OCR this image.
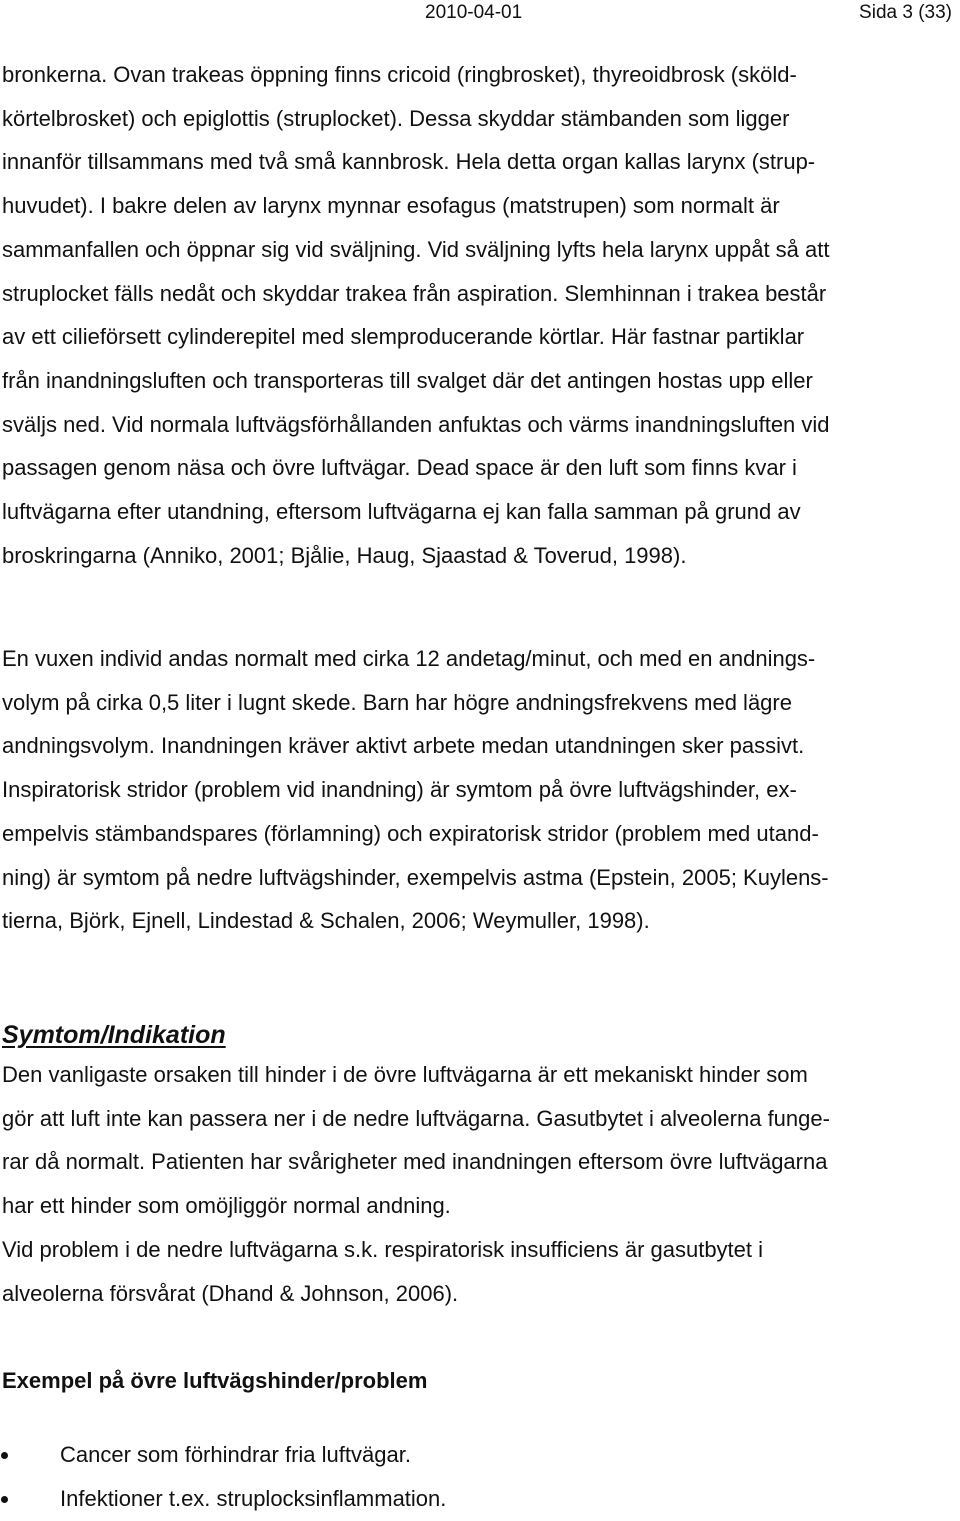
2010-04-01	Sida 3 (33)
bronkerna. Ovan trakeas öppning finns cricoid (ringbrosket), thyreoidbrosk (sköld-
körtelbrosket) och epiglottis (struplocket). Dessa skyddar stämbanden som ligger
innanför tillsammans med två små kannbrosk. Hela detta organ kallas larynx (strup-
huvudet). I bakre delen av larynx mynnar esofagus (matstrupen) som normalt är
sammanfallen och öppnar sig vid sväljning. Vid sväljning lyfts hela larynx uppåt så att
struplocket fälls nedåt och skyddar trakea från aspiration. Slemhinnan i trakea består
av ett cilieförsett cylinderepitel med slemproducerande körtlar. Här fastnar partiklar
från inandningsluften och transporteras till svalget där det antingen hostas upp eller
sväljs ned. Vid normala luftvägsförhållanden anfuktas och värms inandningsluften vid
passagen genom näsa och övre luftvägar. Dead space är den luft som finns kvar i
luftvägarna efter utandning, eftersom luftvägarna ej kan falla samman på grund av
broskringarna (Anniko, 2001; Bjålie, Haug, Sjaastad & Toverud, 1998).
En vuxen individ andas normalt med cirka 12 andetag/minut, och med en andnings-
volym på cirka 0,5 liter i lugnt skede. Barn har högre andningsfrekvens med lägre
andningsvolym. Inandningen kräver aktivt arbete medan utandningen sker passivt.
Inspiratorisk stridor (problem vid inandning) är symtom på övre luftvägshinder, ex-
empelvis stämbandspares (förlamning) och expiratorisk stridor (problem med utand-
ning) är symtom på nedre luftvägshinder, exempelvis astma (Epstein, 2005; Kuylens-
tierna, Björk, Ejnell, Lindestad & Schalen, 2006; Weymuller, 1998).
Symtom/Indikation
Den vanligaste orsaken till hinder i de övre luftvägarna är ett mekaniskt hinder som
gör att luft inte kan passera ner i de nedre luftvägarna. Gasutbytet i alveolerna funge-
rar då normalt. Patienten har svårigheter med inandningen eftersom övre luftvägarna
har ett hinder som omöjliggör normal andning.
Vid problem i de nedre luftvägarna s.k. respiratorisk insufficiens är gasutbytet i
alveolerna försvårat (Dhand & Johnson, 2006).
Exempel på övre luftvägshinder/problem
Cancer som förhindrar fria luftvägar.
Infektioner t.ex. struplocksinflammation.
